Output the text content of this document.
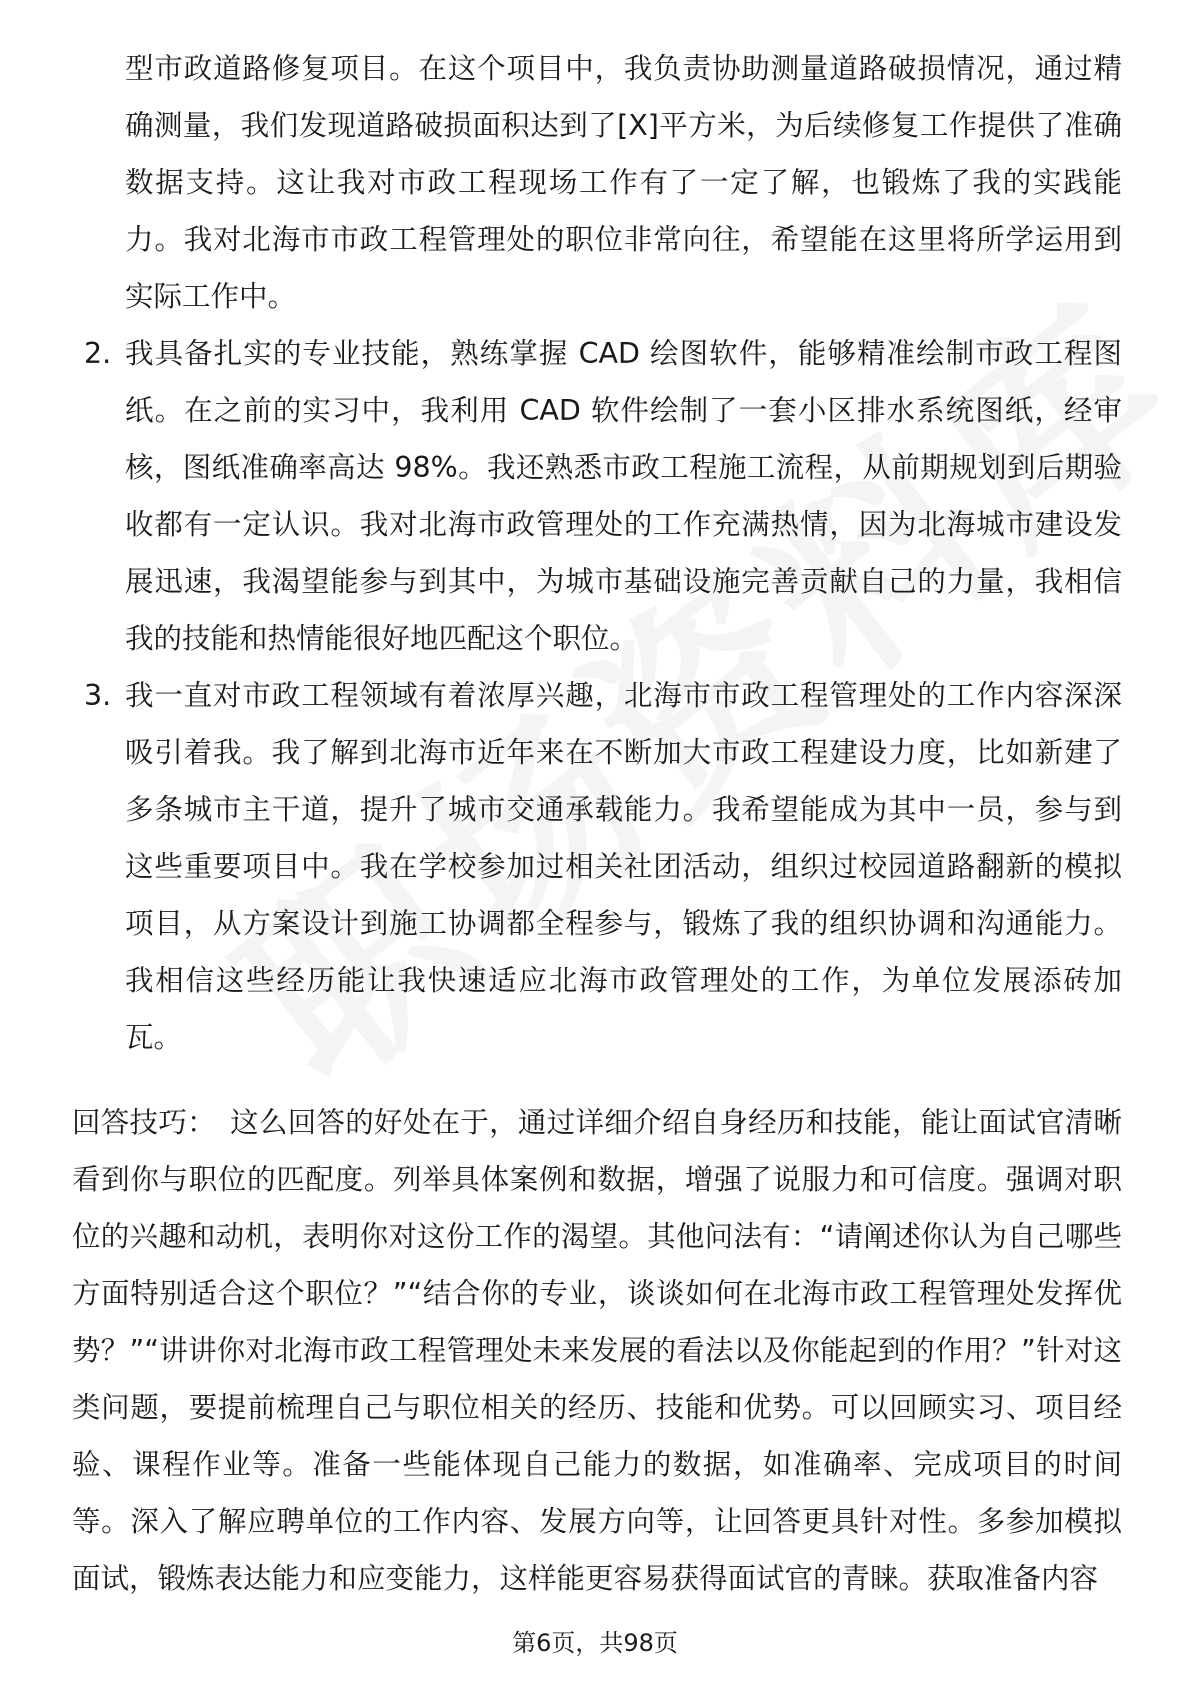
型市政道路修复项目。在这个项目中，我负责协助测量道路破损情况，通过精确测量，我们发现道路破损面积达到了[X]平方米，为后续修复工作提供了准确数据支持。这让我对市政工程现场工作有了一定了解，也锻炼了我的实践能力。我对北海市市政工程管理处的职位非常向往，希望能在这里将所学运用到实际工作中。

2. 我具备扎实的专业技能，熟练掌握 CAD 绘图软件，能够精准绘制市政工程图纸。在之前的实习中，我利用 CAD 软件绘制了一套小区排水系统图纸，经审核，图纸准确率高达 98%。我还熟悉市政工程施工流程，从前期规划到后期验收都有一定认识。我对北海市政管理处的工作充满热情，因为北海城市建设发展迅速，我渴望能参与到其中，为城市基础设施完善贡献自己的力量，我相信我的技能和热情能很好地匹配这个职位。
3. 我一直对市政工程领域有着浓厚兴趣，北海市市政工程管理处的工作内容深深吸引着我。我了解到北海市近年来在不断加大市政工程建设力度，比如新建了多条城市主干道，提升了城市交通承载能力。我希望能成为其中一员，参与到这些重要项目中。我在学校参加过相关社团活动，组织过校园道路翻新的模拟项目，从方案设计到施工协调都全程参与，锻炼了我的组织协调和沟通能力。我相信这些经历能让我快速适应北海市政管理处的工作，为单位发展添砖加瓦。

回答技巧： 这么回答的好处在于，通过详细介绍自身经历和技能，能让面试官清晰看到你与职位的匹配度。列举具体案例和数据，增强了说服力和可信度。强调对职位的兴趣和动机，表明你对这份工作的渴望。其他问法有：“请阐述你认为自己哪些方面特别适合这个职位？”“结合你的专业，谈谈如何在北海市政工程管理处发挥优势？”“讲讲你对北海市政工程管理处未来发展的看法以及你能起到的作用？”针对这类问题，要提前梳理自己与职位相关的经历、技能和优势。可以回顾实习、项目经验、课程作业等。准备一些能体现自己能力的数据，如准确率、完成项目的时间等。深入了解应聘单位的工作内容、发展方向等，让回答更具针对性。多参加模拟面试，锻炼表达能力和应变能力，这样能更容易获得面试官的青睐。获取准备内容

第6页，共98页
